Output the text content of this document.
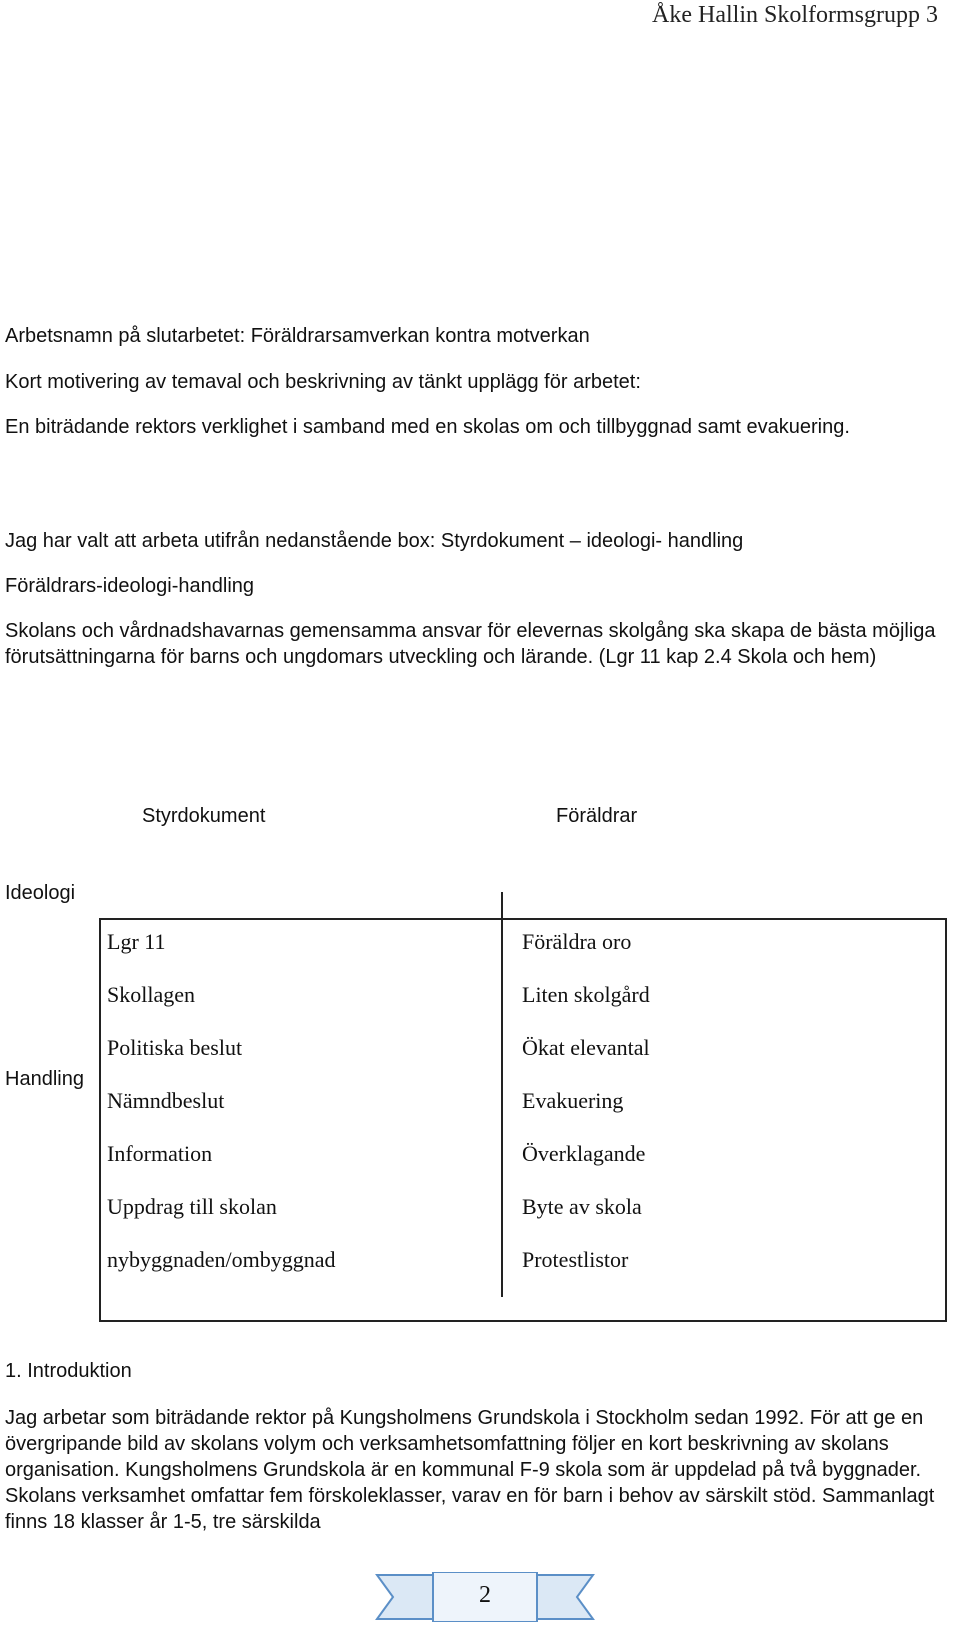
Åke Hallin Skolformsgrupp 3

Arbetsnamn på slutarbetet: Föräldrarsamverkan kontra motverkan

Kort motivering av temaval och beskrivning av tänkt upplägg för arbetet:

En biträdande rektors verklighet i samband med en skolas om och tillbyggnad samt evakuering.

Jag har valt att arbeta utifrån nedanstående box: Styrdokument – ideologi- handling

Föräldrars-ideologi-handling

Skolans och vårdnadshavarnas gemensamma ansvar för elevernas skolgång ska skapa de bästa möjliga förutsättningarna för barns och ungdomars utveckling och lärande. (Lgr 11 kap 2.4 Skola och hem)

Styrdokument	Föräldrar
Ideologi
Handling
Lgr 11
Skollagen
Politiska beslut
Nämndbeslut
Information
Uppdrag till skolan
nybyggnaden/ombyggnad
Föräldra oro
Liten skolgård
Ökat elevantal
Evakuering
Överklagande
Byte av skola
Protestlistor
1. Introduktion

Jag arbetar som biträdande rektor på Kungsholmens Grundskola i Stockholm sedan 1992. För att ge en övergripande bild av skolans volym och verksamhetsomfattning följer en kort beskrivning av skolans organisation. Kungsholmens Grundskola är en kommunal F-9 skola som är uppdelad på två byggnader. Skolans verksamhet omfattar fem förskoleklasser, varav en för barn i behov av särskilt stöd. Sammanlagt finns 18 klasser år 1-5, tre särskilda

2
